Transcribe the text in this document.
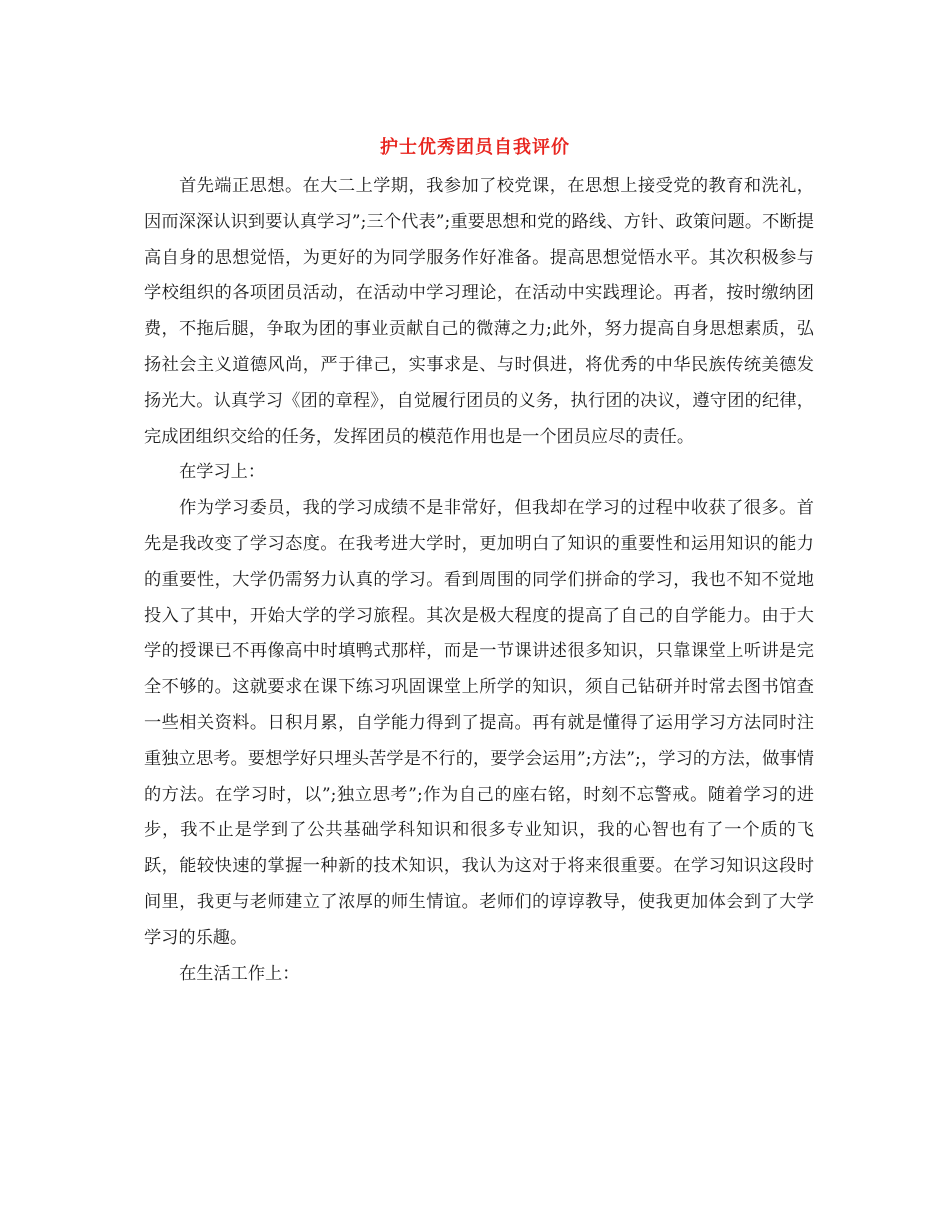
护士优秀团员自我评价

首先端正思想。在大二上学期，我参加了校党课，在思想上接受党的教育和洗礼，因而深深认识到要认真学习”;三个代表”;重要思想和党的路线、方针、政策问题。不断提高自身的思想觉悟，为更好的为同学服务作好准备。提高思想觉悟水平。其次积极参与学校组织的各项团员活动，在活动中学习理论，在活动中实践理论。再者，按时缴纳团费，不拖后腿，争取为团的事业贡献自己的微薄之力;此外，努力提高自身思想素质，弘扬社会主义道德风尚，严于律己，实事求是、与时俱进，将优秀的中华民族传统美德发扬光大。认真学习《团的章程》，自觉履行团员的义务，执行团的决议，遵守团的纪律，完成团组织交给的任务，发挥团员的模范作用也是一个团员应尽的责任。

在学习上：

作为学习委员，我的学习成绩不是非常好，但我却在学习的过程中收获了很多。首先是我改变了学习态度。在我考进大学时，更加明白了知识的重要性和运用知识的能力的重要性，大学仍需努力认真的学习。看到周围的同学们拼命的学习，我也不知不觉地投入了其中，开始大学的学习旅程。其次是极大程度的提高了自己的自学能力。由于大学的授课已不再像高中时填鸭式那样，而是一节课讲述很多知识，只靠课堂上听讲是完全不够的。这就要求在课下练习巩固课堂上所学的知识，须自己钻研并时常去图书馆查一些相关资料。日积月累，自学能力得到了提高。再有就是懂得了运用学习方法同时注重独立思考。要想学好只埋头苦学是不行的，要学会运用”;方法”;，学习的方法，做事情的方法。在学习时，以”;独立思考”;作为自己的座右铭，时刻不忘警戒。随着学习的进步，我不止是学到了公共基础学科知识和很多专业知识，我的心智也有了一个质的飞跃，能较快速的掌握一种新的技术知识，我认为这对于将来很重要。在学习知识这段时间里，我更与老师建立了浓厚的师生情谊。老师们的谆谆教导，使我更加体会到了大学学习的乐趣。

在生活工作上：
